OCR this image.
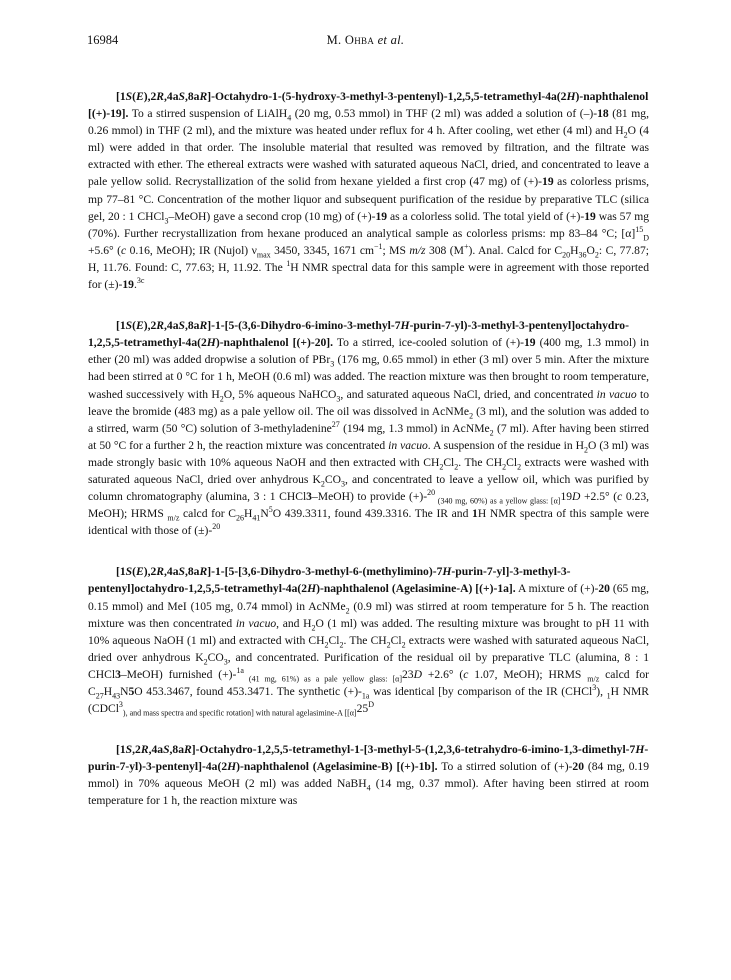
16984	M. Ohba et al.

[1S(E),2R,4aS,8aR]-Octahydro-1-(5-hydroxy-3-methyl-3-pentenyl)-1,2,5,5-tetramethyl-4a(2H)-naphthalenol [(+)-19]. To a stirred suspension of LiAlH$_4$ (20 mg, 0.53 mmol) in THF (2 ml) was added a solution of (–)-18 (81 mg, 0.26 mmol) in THF (2 ml), and the mixture was heated under reflux for 4 h. After cooling, wet ether (4 ml) and $H_2O$ (4 ml) were added in that order. The insoluble material that resulted was removed by filtration, and the filtrate was extracted with ether. The ethereal extracts were washed with saturated aqueous NaCl, dried, and concentrated to leave a pale yellow solid. Recrystallization of the solid from hexane yielded a first crop (47 mg) of (+)-19 as colorless prisms, mp 77–81 °C. Concentration of the mother liquor and subsequent purification of the residue by preparative TLC (silica gel, 20 : 1 CHCl$_3$–MeOH) gave a second crop (10 mg) of (+)-19 as a colorless solid. The total yield of (+)-19 was 57 mg (70%). Further recrystallization from hexane produced an analytical sample as colorless prisms: mp 83–84 °C; $[\alpha]^{15}_D +5.6^\circ$ (c 0.16, MeOH); IR (Nujol) $\nu_{max}$ 3450, 3345, 1671 $cm^{-1}$; MS m/z 308 (M+). Anal. Calcd for $C_{20}H_{36}O_2$: C, 77.87; H, 11.76. Found: C, 77.63; H, 11.92. The $^1$H NMR spectral data for this sample were in agreement with those reported for (±)-19.$^{3c}$

[1S(E),2R,4aS,8aR]-1-[5-(3,6-Dihydro-6-imino-3-methyl-7H-purin-7-yl)-3-methyl-3-pentenyl]octahydro-1,2,5,5-tetramethyl-4a(2H)-naphthalenol [(+)-20]. To a stirred, ice-cooled solution of (+)-19 (400 mg, 1.3 mmol) in ether (20 ml) was added dropwise a solution of PBr$_3$ (176 mg, 0.65 mmol) in ether (3 ml) over 5 min. After the mixture had been stirred at 0 °C for 1 h, MeOH (0.6 ml) was added. The reaction mixture was then brought to room temperature, washed successively with $H_2O$, 5% aqueous NaHCO$_3$, and saturated aqueous NaCl, dried, and concentrated in vacuo to leave the bromide (483 mg) as a pale yellow oil. The oil was dissolved in AcNMe$_2$ (3 ml), and the solution was added to a stirred, warm (50 °C) solution of 3-methyladenine$^{27}$ (194 mg, 1.3 mmol) in AcNMe$_2$ (7 ml). After having been stirred at 50 °C for a further 2 h, the reaction mixture was concentrated in vacuo. A suspension of the residue in $H_2O$ (3 ml) was made strongly basic with 10% aqueous NaOH and then extracted with $CH_2Cl_2$. The $CH_2Cl_2$ extracts were washed with saturated aqueous NaCl, dried over anhydrous $K_2CO_3$, and concentrated to leave a yellow oil, which was purified by column chromatography (alumina, 3 : 1 CHCl3–MeOH) to provide (+)-$^{20}$ $_{(340 mg, 60\%) as a yellow glass: [\alpha]}$19D +2.5° (c 0.23, MeOH); HRMS $_{m/z}$ calcd for $C_{26}H_{41}N^5O$ 439.3311, found 439.3316. The IR and 1H NMR spectra of this sample were identical with those of (±)-$^{20}$

[1S(E),2R,4aS,8aR]-1-[5-[3,6-Dihydro-3-methyl-6-(methylimino)-7H-purin-7-yl]-3-methyl-3-pentenyl]octahydro-1,2,5,5-tetramethyl-4a(2H)-naphthalenol (Agelasimine-A) [(+)-1a]. A mixture of (+)-20 (65 mg, 0.15 mmol) and MeI (105 mg, 0.74 mmol) in AcNMe$_2$ (0.9 ml) was stirred at room temperature for 5 h. The reaction mixture was then concentrated in vacuo, and $H_2O$ (1 ml) was added. The resulting mixture was brought to pH 11 with 10% aqueous NaOH (1 ml) and extracted with $CH_2Cl_2$. The $CH_2Cl_2$ extracts were washed with saturated aqueous NaCl, dried over anhydrous $K_2CO_3$, and concentrated. Purification of the residual oil by preparative TLC (alumina, 8 : 1 CHCl3–MeOH) furnished (+)-$^{1a}$ $_{(41 mg, 61\%) as a pale yellow glass: [\alpha]}$23D +2.6° (c 1.07, MeOH); HRMS $_{m/z}$ calcd for $C_{27}H_{43}N5O$ 453.3467, found 453.3471. The synthetic $(+)-_{1a}$ was identical [by comparison of the IR (CHCl$^3$), $_1$H NMR ($CDCl^3_{), and mass spectra and specific rotation] with natural agelasimine-A [[\alpha]}25^D$

[1S,2R,4aS,8aR]-Octahydro-1,2,5,5-tetramethyl-1-[3-methyl-5-(1,2,3,6-tetrahydro-6-imino-1,3-dimethyl-7H-purin-7-yl)-3-pentenyl]-4a(2H)-naphthalenol (Agelasimine-B) [(+)-1b]. To a stirred solution of (+)-20 (84 mg, 0.19 mmol) in 70% aqueous MeOH (2 ml) was added NaBH$_4$ (14 mg, 0.37 mmol). After having been stirred at room temperature for 1 h, the reaction mixture was
